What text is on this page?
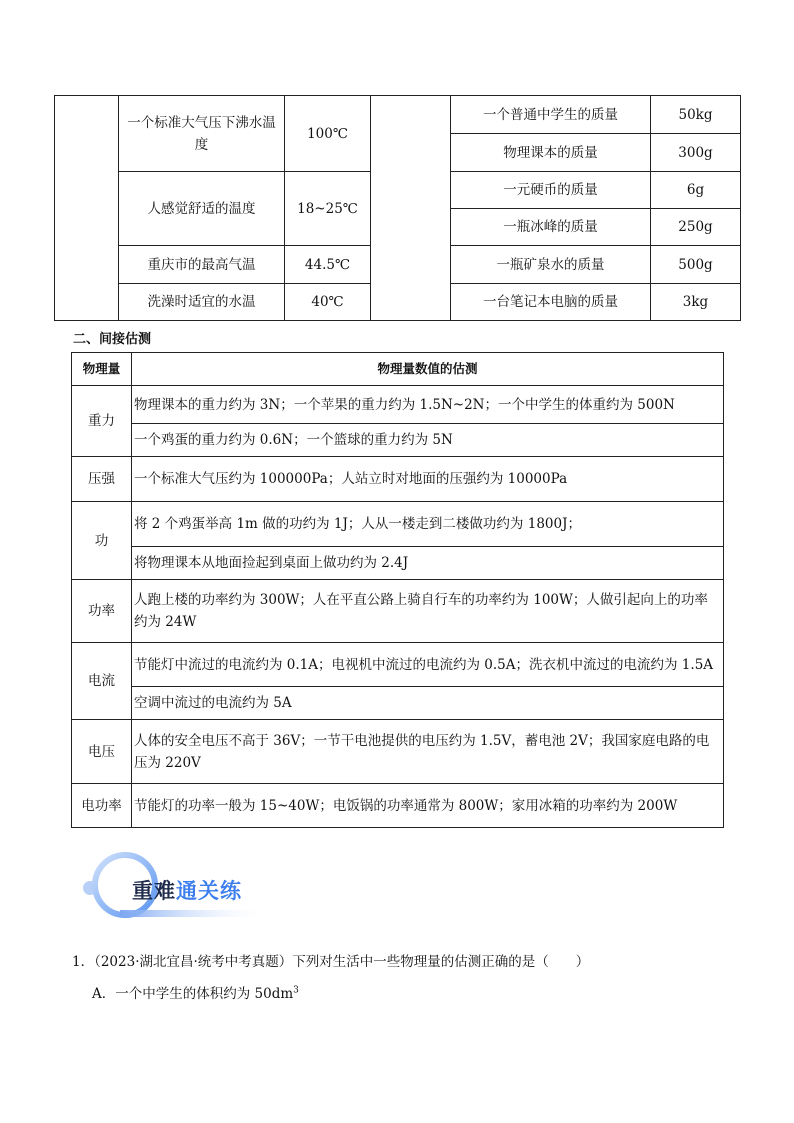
	一个标准大气压下沸水温度	100℃		一个普通中学生的质量	50kg
				物理课本的质量	300g
	人感觉舒适的温度	18~25℃		一元硬币的质量	6g
				一瓶冰峰的质量	250g
	重庆市的最高气温	44.5℃		一瓶矿泉水的质量	500g
	洗澡时适宜的水温	40℃		一台笔记本电脑的质量	3kg
二、间接估测
物理量	物理量数值的估测
重力	物理课本的重力约为 3N；一个苹果的重力约为 1.5N~2N；一个中学生的体重约为 500N
	一个鸡蛋的重力约为 0.6N；一个篮球的重力约为 5N
压强	一个标准大气压约为 100000Pa；人站立时对地面的压强约为 10000Pa
功	将 2 个鸡蛋举高 1m 做的功约为 1J；人从一楼走到二楼做功约为 1800J；
	将物理课本从地面捡起到桌面上做功约为 2.4J
功率	人跑上楼的功率约为 300W；人在平直公路上骑自行车的功率约为 100W；人做引起向上的功率约为 24W
电流	节能灯中流过的电流约为 0.1A；电视机中流过的电流约为 0.5A；洗衣机中流过的电流约为 1.5A
	空调中流过的电流约为 5A
电压	人体的安全电压不高于 36V；一节干电池提供的电压约为 1.5V，蓄电池 2V；我国家庭电路的电压为 220V
电功率	节能灯的功率一般为 15~40W；电饭锅的功率通常为 800W；家用冰箱的功率约为 200W
重难通关练
1．（2023·湖北宜昌·统考中考真题）下列对生活中一些物理量的估测正确的是（　　）
A．一个中学生的体积约为 $50dm^3$
